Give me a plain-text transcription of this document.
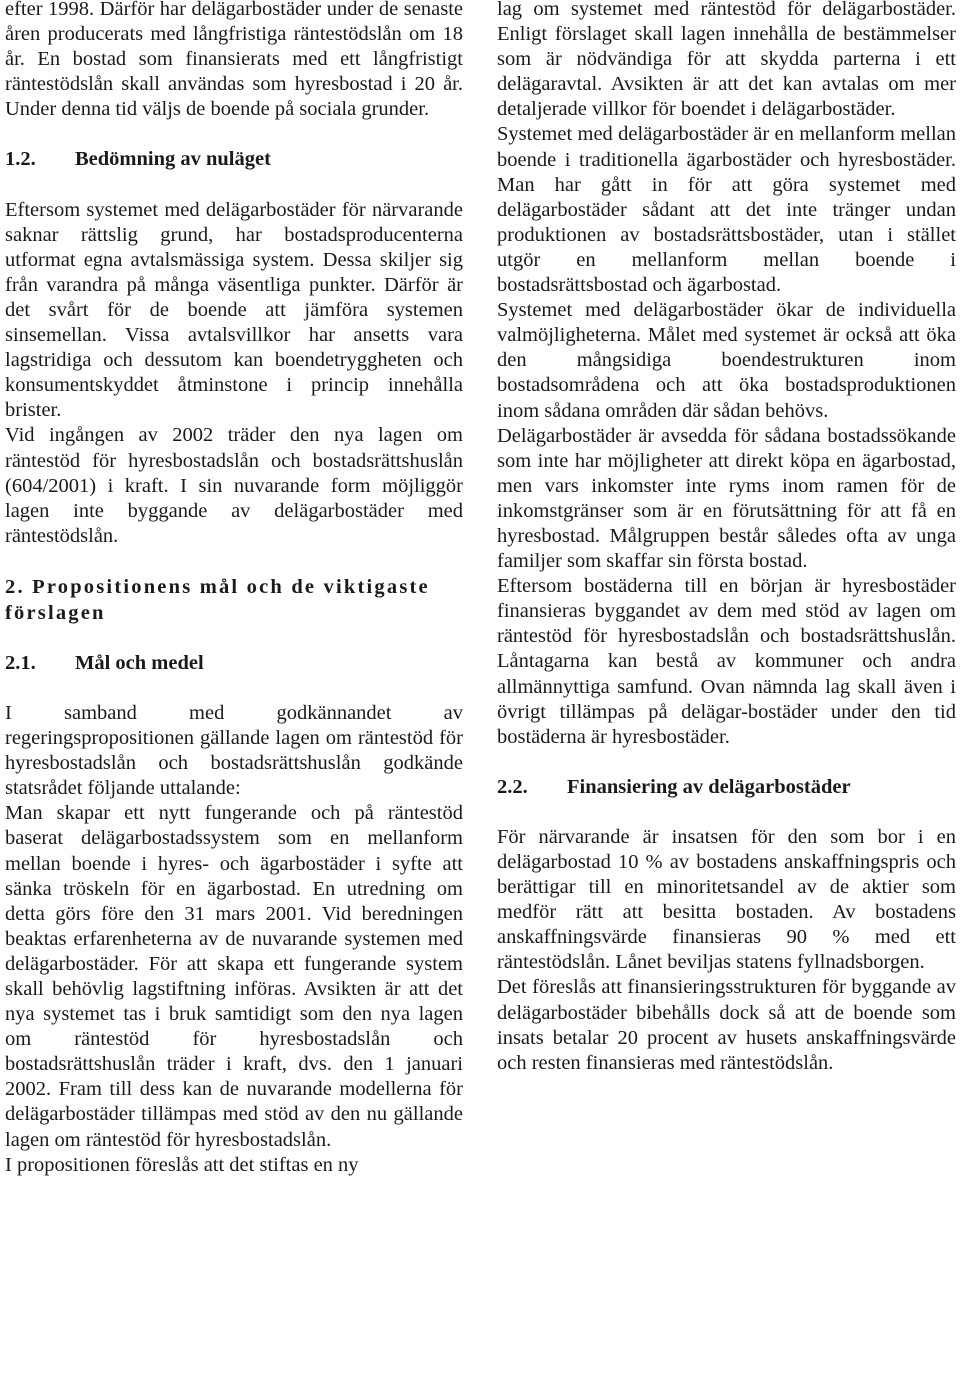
efter 1998. Därför har delägarbostäder under de senaste åren producerats med långfristiga räntestödslån om 18 år. En bostad som finansierats med ett långfristigt räntestödslån skall användas som hyresbostad i 20 år. Under denna tid väljs de boende på sociala grunder.

1.2. Bedömning av nuläget

Eftersom systemet med delägarbostäder för närvarande saknar rättslig grund, har bostadsproducenterna utformat egna avtalsmässiga system. Dessa skiljer sig från varandra på många väsentliga punkter. Därför är det svårt för de boende att jämföra systemen sinsemellan. Vissa avtalsvillkor har ansetts vara lagstridiga och dessutom kan boendetryggheten och konsumentskyddet åtminstone i princip innehålla brister.

Vid ingången av 2002 träder den nya lagen om räntestöd för hyresbostadslån och bostadsrättshuslån (604/2001) i kraft. I sin nuvarande form möjliggör lagen inte byggande av delägarbostäder med räntestödslån.

2. Propositionens mål och de viktigaste förslagen
2.1. Mål och medel

I samband med godkännandet av regeringspropositionen gällande lagen om räntestöd för hyresbostadslån och bostadsrättshuslån godkände statsrådet följande uttalande:

Man skapar ett nytt fungerande och på räntestöd baserat delägarbostadssystem som en mellanform mellan boende i hyres- och ägarbostäder i syfte att sänka tröskeln för en ägarbostad. En utredning om detta görs före den 31 mars 2001. Vid beredningen beaktas erfarenheterna av de nuvarande systemen med delägarbostäder. För att skapa ett fungerande system skall behövlig lagstiftning införas. Avsikten är att det nya systemet tas i bruk samtidigt som den nya lagen om räntestöd för hyresbostadslån och bostadsrättshuslån träder i kraft, dvs. den 1 januari 2002. Fram till dess kan de nuvarande modellerna för delägarbostäder tillämpas med stöd av den nu gällande lagen om räntestöd för hyresbostadslån.

I propositionen föreslås att det stiftas en ny

lag om systemet med räntestöd för delägarbostäder. Enligt förslaget skall lagen innehålla de bestämmelser som är nödvändiga för att skydda parterna i ett delägaravtal. Avsikten är att det kan avtalas om mer detaljerade villkor för boendet i delägarbostäder.

Systemet med delägarbostäder är en mellanform mellan boende i traditionella ägarbostäder och hyresbostäder. Man har gått in för att göra systemet med delägarbostäder sådant att det inte tränger undan produktionen av bostadsrättsbostäder, utan i stället utgör en mellanform mellan boende i bostadsrättsbostad och ägarbostad.

Systemet med delägarbostäder ökar de individuella valmöjligheterna. Målet med systemet är också att öka den mångsidiga boendestrukturen inom bostadsområdena och att öka bostadsproduktionen inom sådana områden där sådan behövs.

Delägarbostäder är avsedda för sådana bostadssökande som inte har möjligheter att direkt köpa en ägarbostad, men vars inkomster inte ryms inom ramen för de inkomstgränser som är en förutsättning för att få en hyresbostad. Målgruppen består således ofta av unga familjer som skaffar sin första bostad.

Eftersom bostäderna till en början är hyresbostäder finansieras byggandet av dem med stöd av lagen om räntestöd för hyresbostadslån och bostadsrättshuslån. Låntagarna kan bestå av kommuner och andra allmännyttiga samfund. Ovan nämnda lag skall även i övrigt tillämpas på delägar-bostäder under den tid bostäderna är hyresbostäder.

2.2. Finansiering av delägarbostäder

För närvarande är insatsen för den som bor i en delägarbostad 10 % av bostadens anskaffningspris och berättigar till en minoritetsandel av de aktier som medför rätt att besitta bostaden. Av bostadens anskaffningsvärde finansieras 90 % med ett räntestödslån. Lånet beviljas statens fyllnadsborgen.

Det föreslås att finansieringsstrukturen för byggande av delägarbostäder bibehålls dock så att de boende som insats betalar 20 procent av husets anskaffningsvärde och resten finansieras med räntestödslån.
